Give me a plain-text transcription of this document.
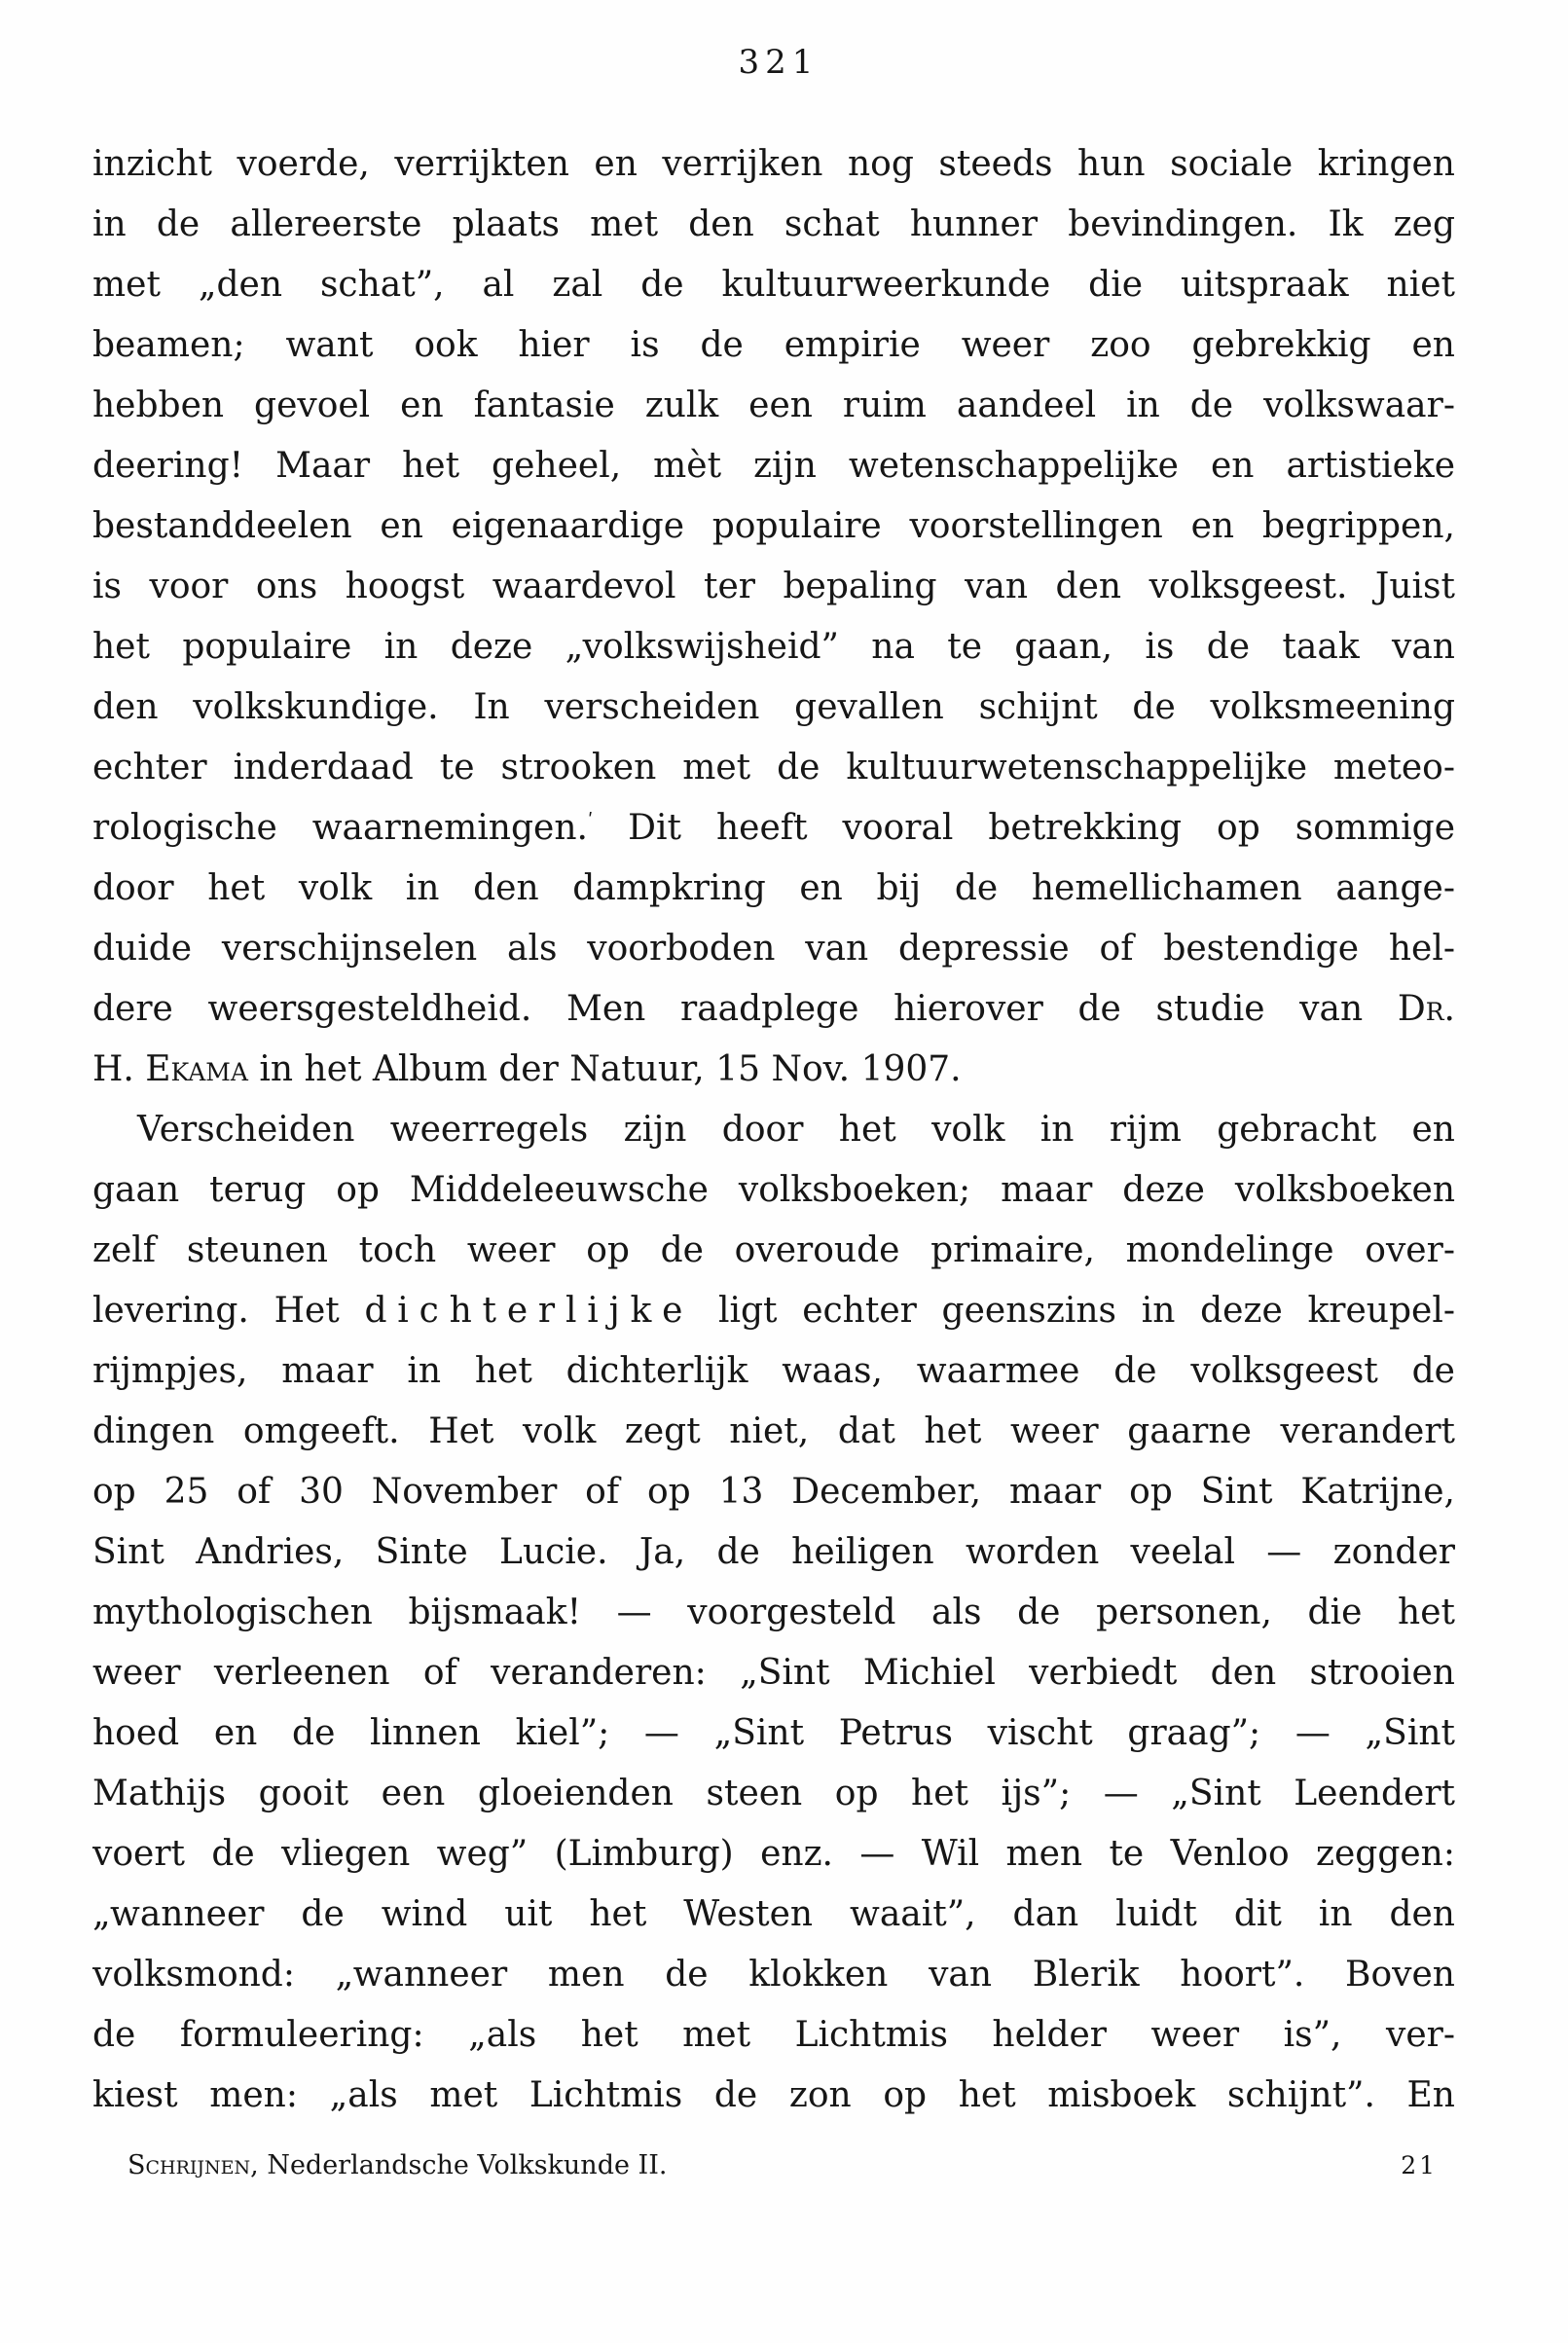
321
inzicht voerde, verrijkten en verrijken nog steeds hun sociale kringen
in de allereerste plaats met den schat hunner bevindingen. Ik zeg
met „den schat”, al zal de kultuurweerkunde die uitspraak niet
beamen; want ook hier is de empirie weer zoo gebrekkig en
hebben gevoel en fantasie zulk een ruim aandeel in de volkswaar-
deering! Maar het geheel, mèt zijn wetenschappelijke en artistieke
bestanddeelen en eigenaardige populaire voorstellingen en begrippen,
is voor ons hoogst waardevol ter bepaling van den volksgeest. Juist
het populaire in deze „volkswijsheid” na te gaan, is de taak van
den volkskundige. In verscheiden gevallen schijnt de volksmeening
echter inderdaad te strooken met de kultuurwetenschappelijke meteo-
rologische waarnemingen.$^ʹ$ Dit heeft vooral betrekking op sommige
door het volk in den dampkring en bij de hemellichamen aange-
duide verschijnselen als voorboden van depressie of bestendige hel-
dere weersgesteldheid. Men raadplege hierover de studie van Dr.
H. Ekama in het Album der Natuur, 15 Nov. 1907.
Verscheiden weerregels zijn door het volk in rijm gebracht en
gaan terug op Middeleeuwsche volksboeken; maar deze volksboeken
zelf steunen toch weer op de overoude primaire, mondelinge over-
levering. Het dichterlijke ligt echter geenszins in deze kreupel-
rijmpjes, maar in het dichterlijk waas, waarmee de volksgeest de
dingen omgeeft. Het volk zegt niet, dat het weer gaarne verandert
op 25 of 30 November of op 13 December, maar op Sint Katrijne,
Sint Andries, Sinte Lucie. Ja, de heiligen worden veelal — zonder
mythologischen bijsmaak! — voorgesteld als de personen, die het
weer verleenen of veranderen: „Sint Michiel verbiedt den strooien
hoed en de linnen kiel”; — „Sint Petrus vischt graag”; — „Sint
Mathijs gooit een gloeienden steen op het ijs”; — „Sint Leendert
voert de vliegen weg” (Limburg) enz. — Wil men te Venloo zeggen:
„wanneer de wind uit het Westen waait”, dan luidt dit in den
volksmond: „wanneer men de klokken van Blerik hoort”. Boven
de formuleering: „als het met Lichtmis helder weer is”, ver-
kiest men: „als met Lichtmis de zon op het misboek schijnt”. En
Schrijnen, Nederlandsche Volkskunde II.	21
